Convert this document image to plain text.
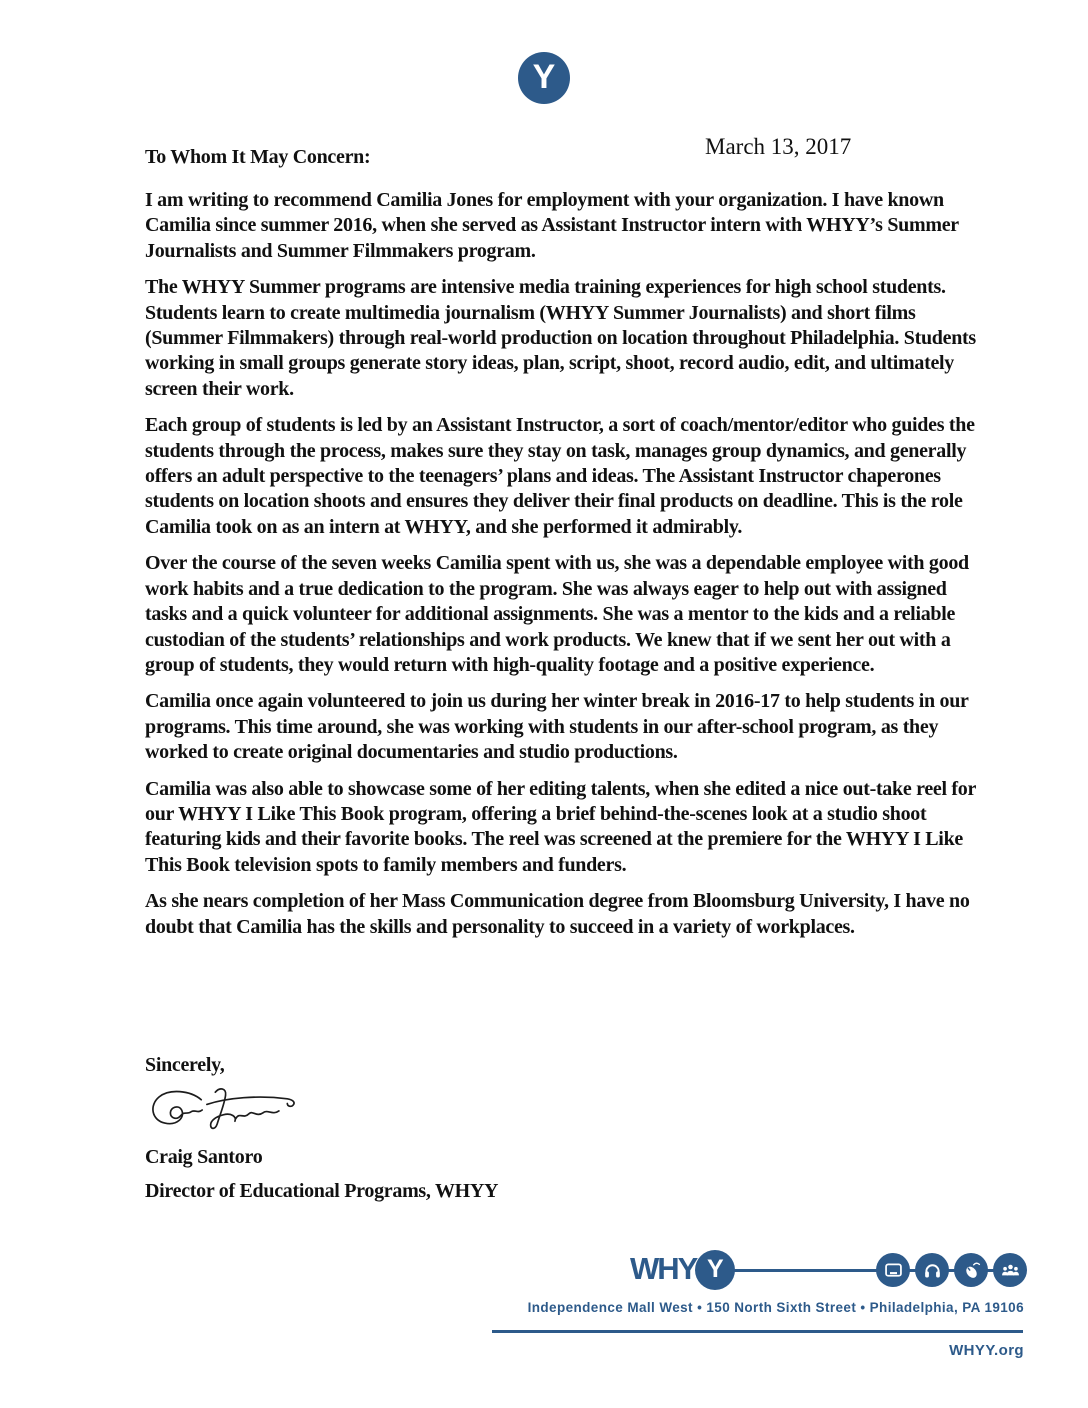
Y
March 13, 2017
To Whom It May Concern:

I am writing to recommend Camilia Jones for employment with your organization. I have known Camilia since summer 2016, when she served as Assistant Instructor intern with WHYY’s Summer Journalists and Summer Filmmakers program.

The WHYY Summer programs are intensive media training experiences for high school students. Students learn to create multimedia journalism (WHYY Summer Journalists) and short films (Summer Filmmakers) through real-world production on location throughout Philadelphia. Students working in small groups generate story ideas, plan, script, shoot, record audio, edit, and ultimately screen their work.

Each group of students is led by an Assistant Instructor, a sort of coach/mentor/editor who guides the students through the process, makes sure they stay on task, manages group dynamics, and generally offers an adult perspective to the teenagers’ plans and ideas. The Assistant Instructor chaperones students on location shoots and ensures they deliver their final products on deadline. This is the role Camilia took on as an intern at WHYY, and she performed it admirably.

Over the course of the seven weeks Camilia spent with us, she was a dependable employee with good work habits and a true dedication to the program. She was always eager to help out with assigned tasks and a quick volunteer for additional assignments. She was a mentor to the kids and a reliable custodian of the students’ relationships and work products. We knew that if we sent her out with a group of students, they would return with high-quality footage and a positive experience.

Camilia once again volunteered to join us during her winter break in 2016-17 to help students in our programs. This time around, she was working with students in our after-school program, as they worked to create original documentaries and studio productions.

Camilia was also able to showcase some of her editing talents, when she edited a nice out-take reel for our WHYY I Like This Book program, offering a brief behind-the-scenes look at a studio shoot featuring kids and their favorite books. The reel was screened at the premiere for the WHYY I Like This Book television spots to family members and funders.

As she nears completion of her Mass Communication degree from Bloomsburg University, I have no doubt that Camilia has the skills and personality to succeed in a variety of workplaces.

Sincerely,
Craig Santoro
Director of Educational Programs, WHYY
WHY Y
Independence Mall West • 150 North Sixth Street • Philadelphia, PA 19106
WHYY.org
